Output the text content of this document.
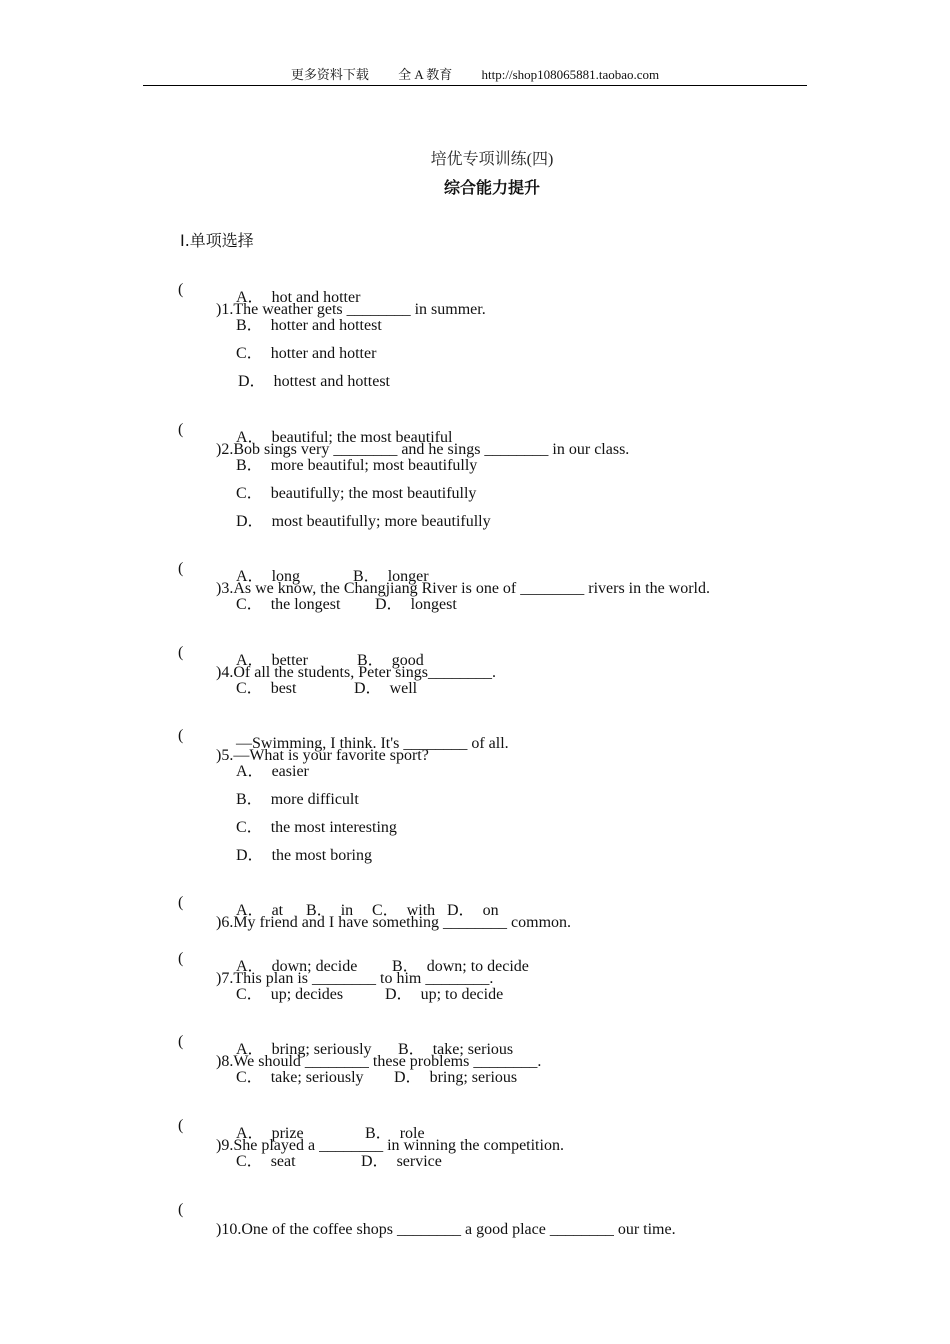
更多资料下载 全 A 教育 http://shop108065881.taobao.com
培优专项训练(四)
综合能力提升
Ⅰ.单项选择

(

)1.The weather gets ________ in summer.

A． hot and hotter
B． hotter and hottest
C． hotter and hotter
D． hottest and hottest

(

)2.Bob sings very ________ and he sings ________ in our class.

A． beautiful; the most beautiful
B． more beautiful; most beautifully
C． beautifully; the most beautifully
D． most beautifully; more beautifully

(

)3.As we know, the Changjiang River is one of ________ rivers in the world.

A． long	B． longer
C． the longest D． longest

(

)4.Of all the students, Peter sings________.

A． better	B． good
C． best	D． well

(

)5.—What is your favorite sport?

—Swimming, I think. It's ________ of all.
A． easier
B． more difficult
C． the most interesting
D． the most boring

(

)6.My friend and I have something ________ common.

A． at B． in C． with D． on

(

)7.This plan is ________ to him ________.

A． down; decide B． down; to decide
C． up; decides	D． up; to decide

(

)8.We should ________ these problems ________.

A． bring; seriously B． take; serious
C． take; seriously D． bring; serious

(

)9.She played a ________ in winning the competition.

A． prize	B． role
C． seat	D． service

(

)10.One of the coffee shops ________ a good place ________ our time.
